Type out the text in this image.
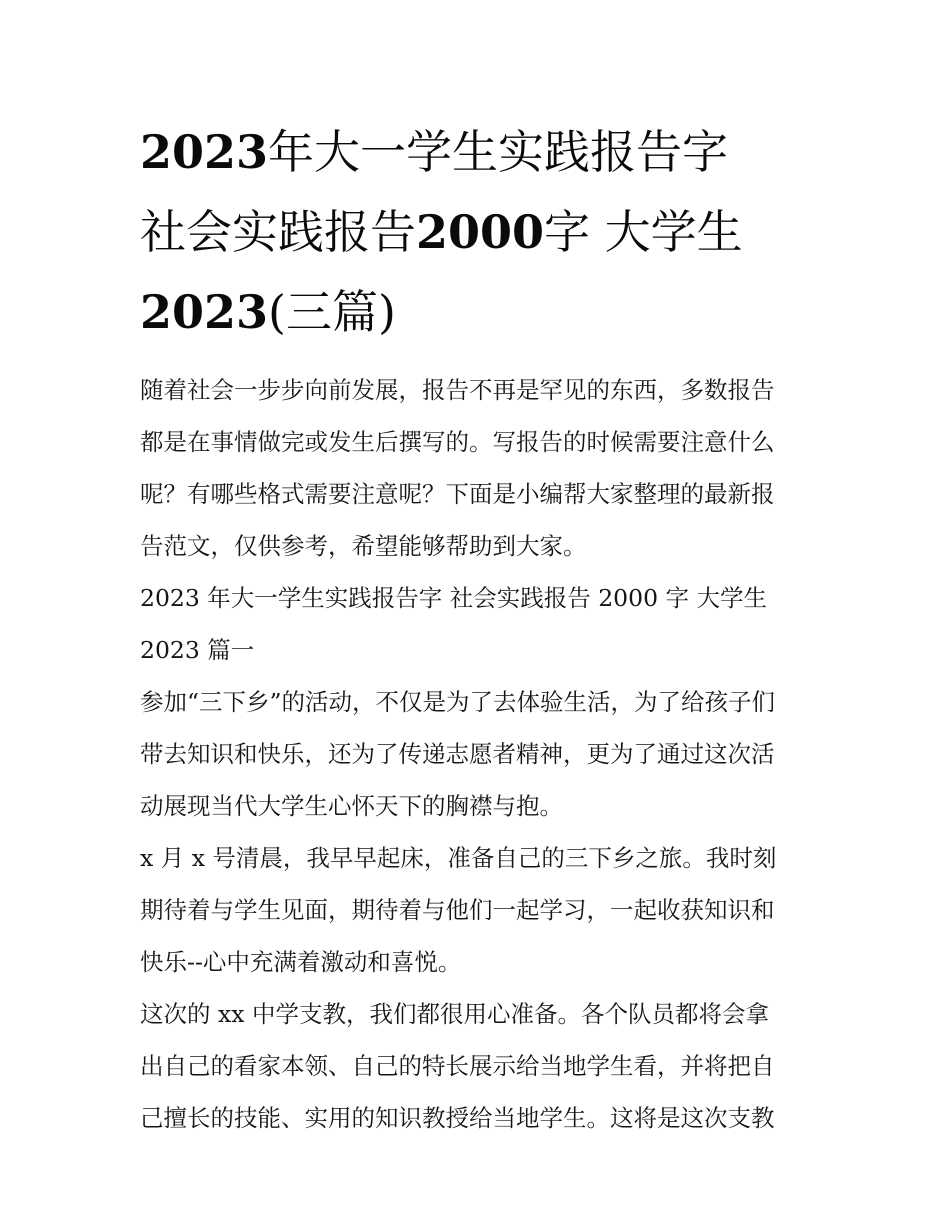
2023年大一学生实践报告字
社会实践报告2000字 大学生
2023(三篇)

随着社会一步步向前发展，报告不再是罕见的东西，多数报告
都是在事情做完或发生后撰写的。写报告的时候需要注意什么
呢？有哪些格式需要注意呢？下面是小编帮大家整理的最新报
告范文，仅供参考，希望能够帮助到大家。

2023 年大一学生实践报告字 社会实践报告 2000 字 大学生
2023 篇一

参加“三下乡”的活动，不仅是为了去体验生活，为了给孩子们
带去知识和快乐，还为了传递志愿者精神，更为了通过这次活
动展现当代大学生心怀天下的胸襟与抱。

x 月 x 号清晨，我早早起床，准备自己的三下乡之旅。我时刻
期待着与学生见面，期待着与他们一起学习，一起收获知识和
快乐--心中充满着激动和喜悦。

这次的 xx 中学支教，我们都很用心准备。各个队员都将会拿
出自己的看家本领、自己的特长展示给当地学生看，并将把自
己擅长的技能、实用的知识教授给当地学生。这将是这次支教
